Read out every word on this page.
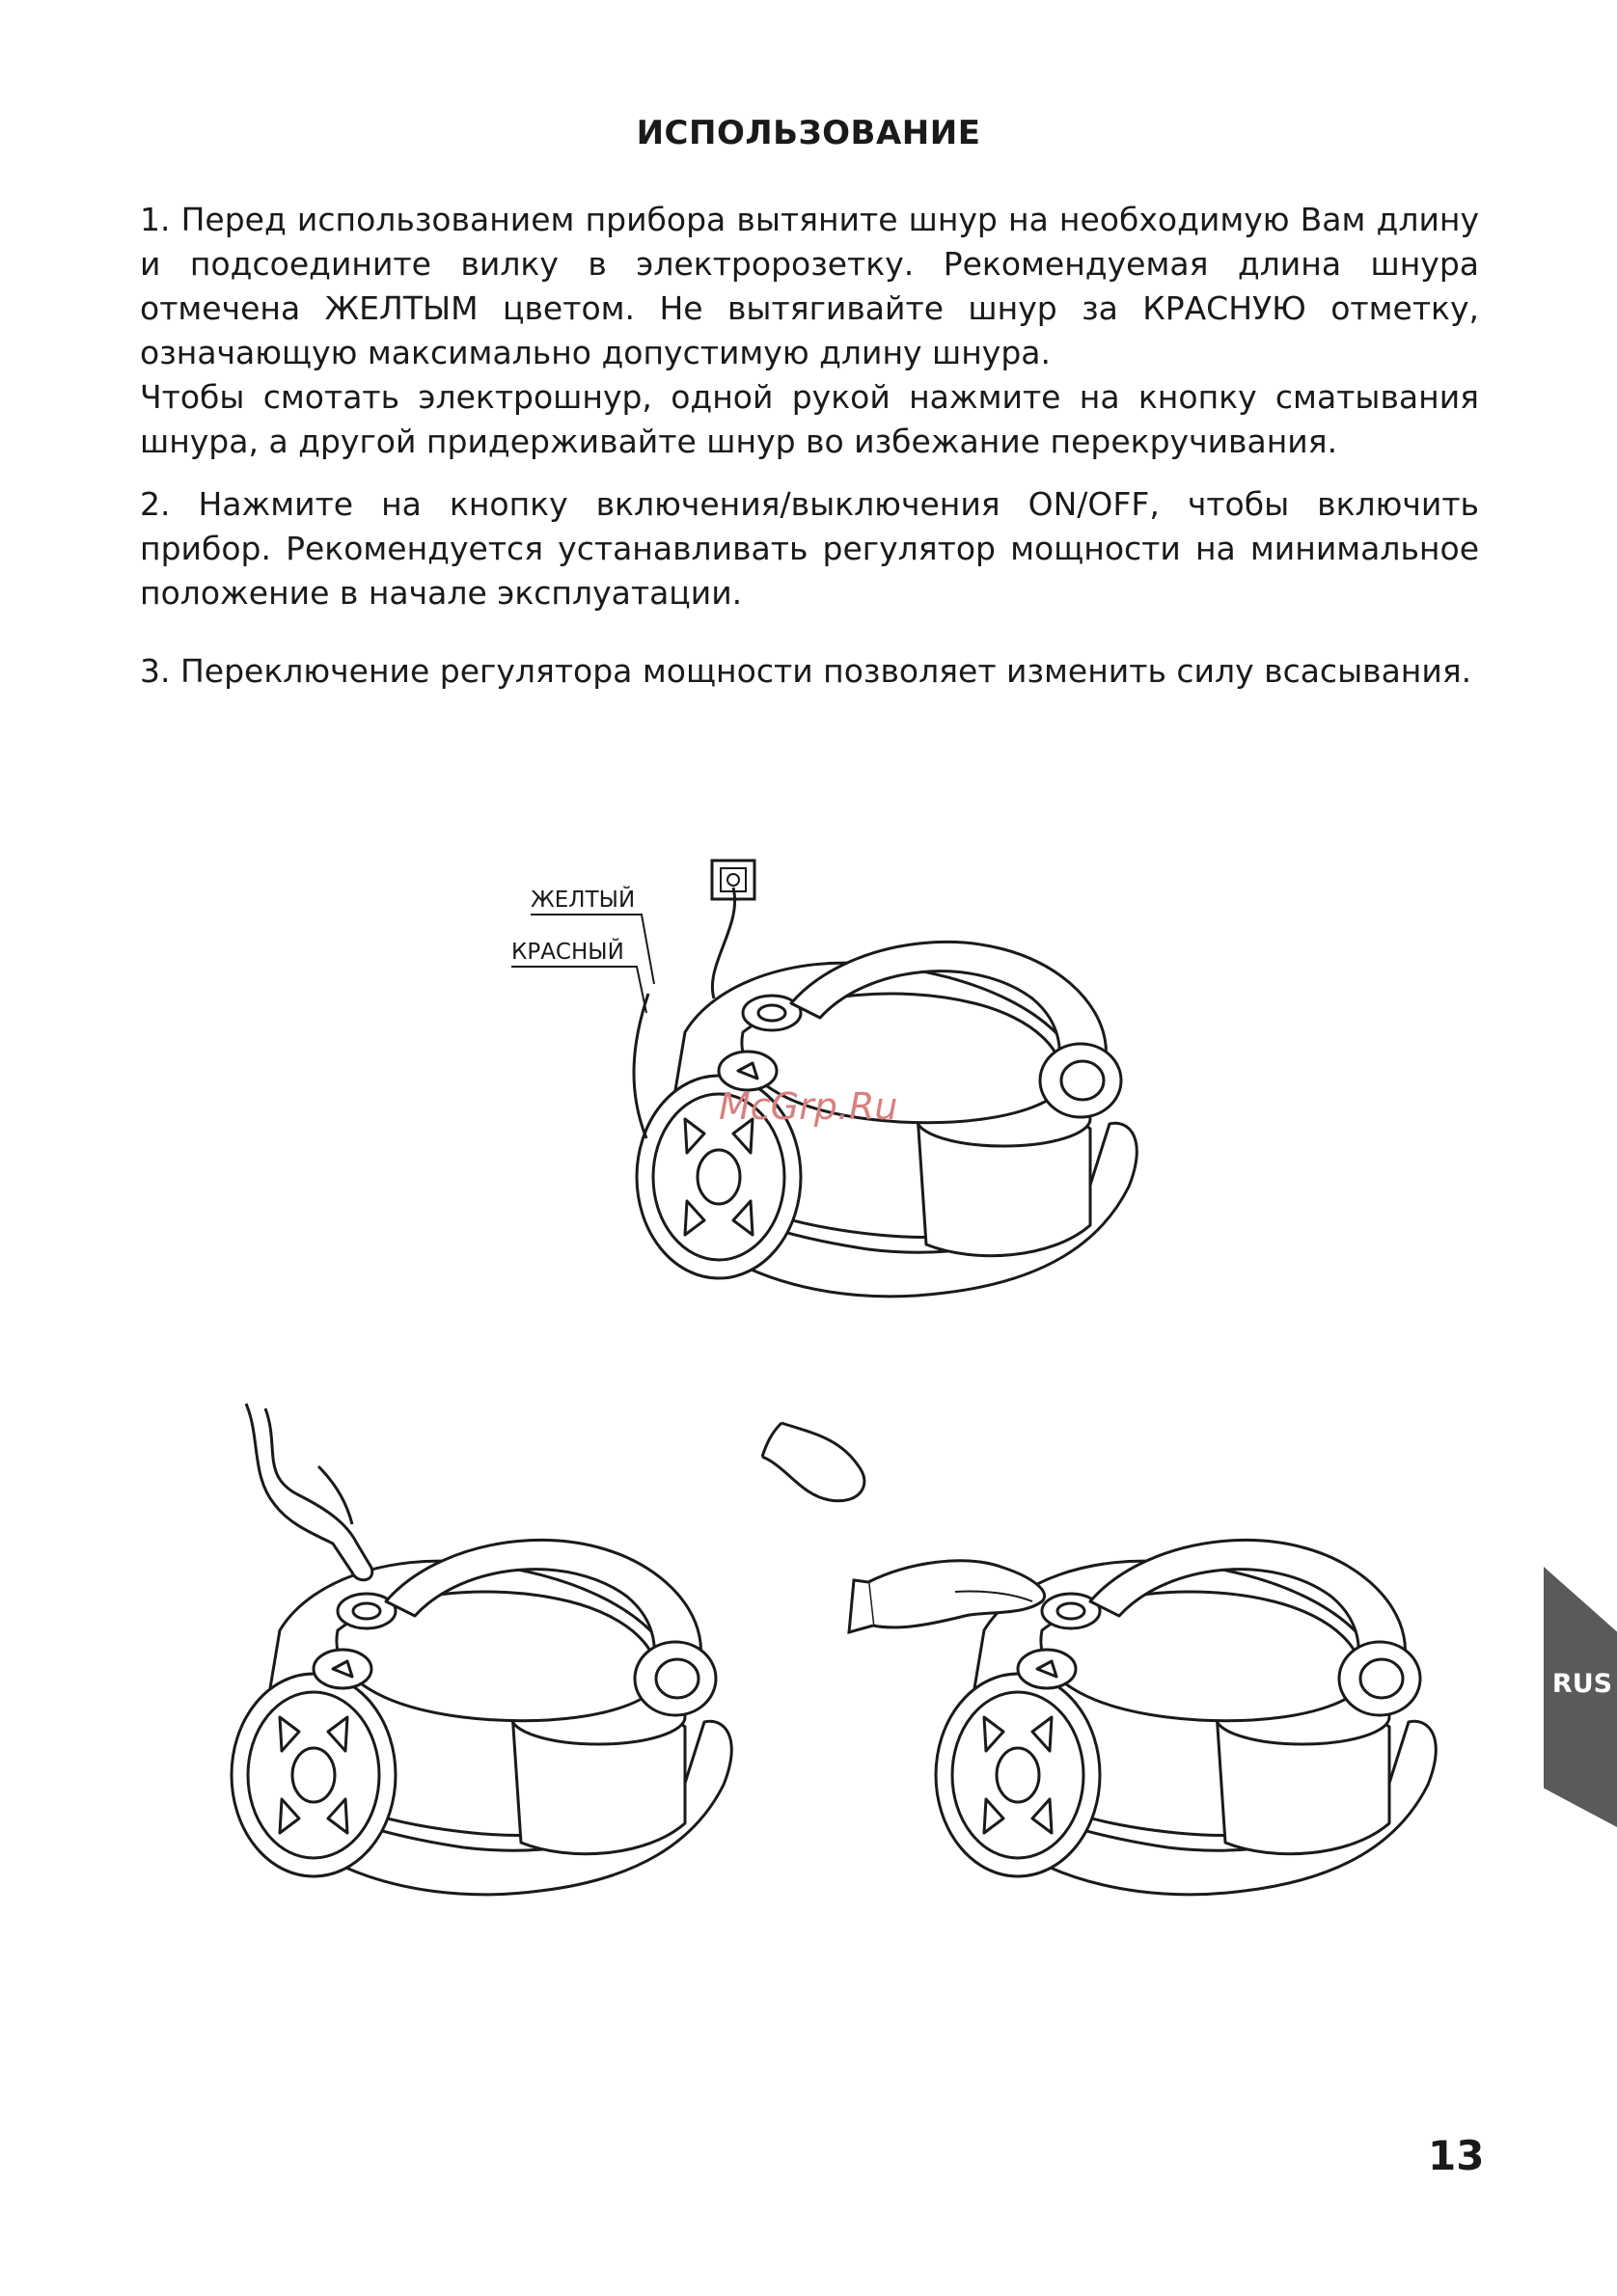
ИСПОЛЬЗОВАНИЕ

1. Перед использованием прибора вытяните шнур на необходимую Вам длину и подсоедините вилку в электророзетку. Рекомендуемая длина шнура отмечена ЖЕЛТЫМ цветом. Не вытягивайте шнур за КРАСНУЮ отметку, означающую максимально допустимую длину шнура.

Чтобы смотать электрошнур, одной рукой нажмите на кнопку сматывания шнура, а другой придерживайте шнур во избежание перекручивания.

2. Нажмите на кнопку включения/выключения ON/OFF, чтобы включить прибор. Рекомендуется устанавливать регулятор мощности на минимальное положение в начале эксплуатации.

3. Переключение регулятора мощности позволяет изменить силу всасывания.

ЖЕЛТЫЙ
КРАСНЫЙ
McGrp.Ru
RUS
13
